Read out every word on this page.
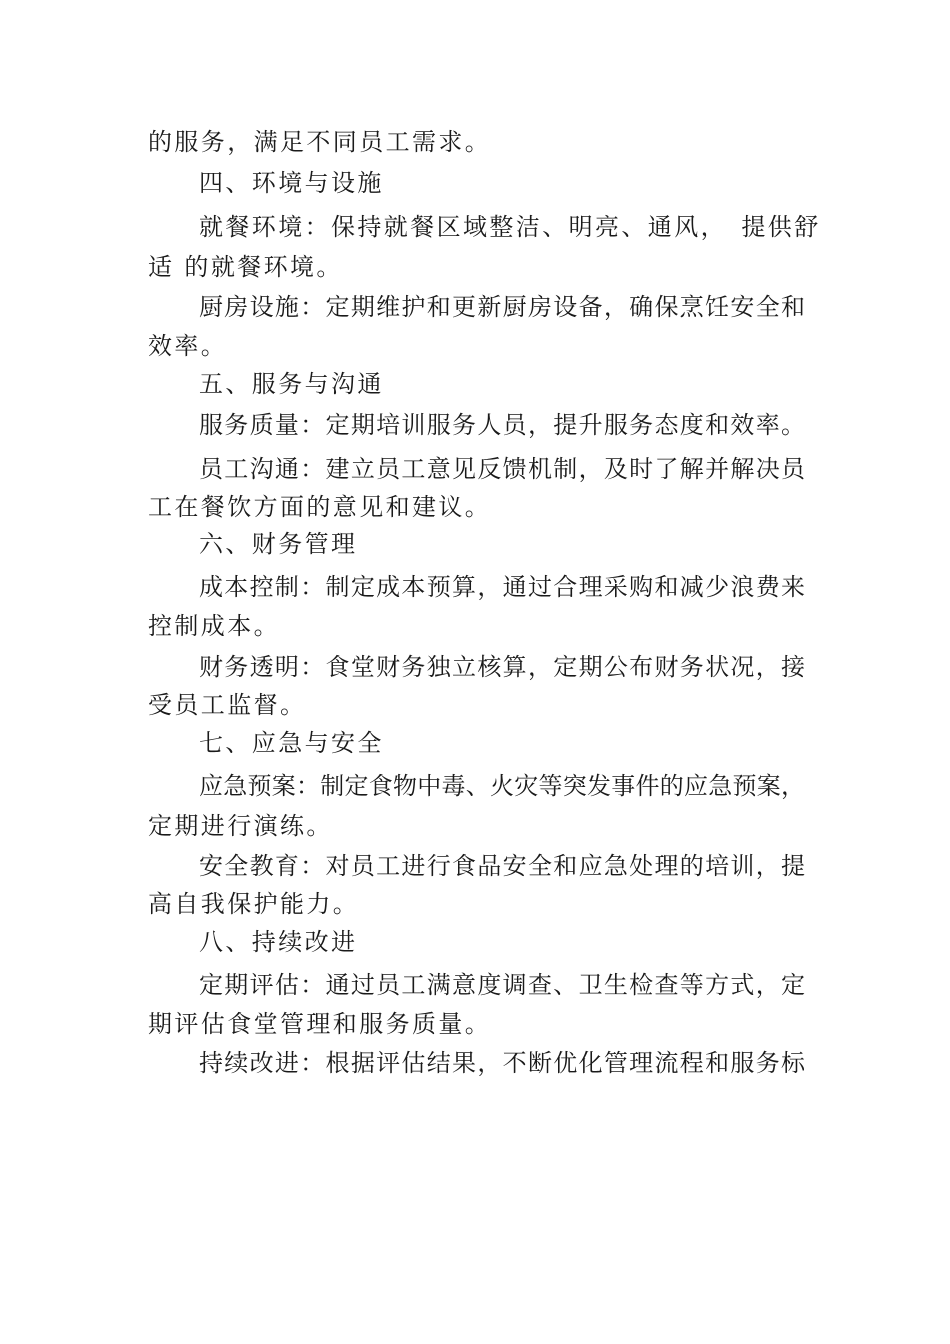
的服务，满足不同员工需求。
四、环境与设施
就餐环境：保持就餐区域整洁、明亮、通风，　提供舒
适 的就餐环境。
厨房设施：定期维护和更新厨房设备，确保烹饪安全和
效率。
五、服务与沟通
服务质量：定期培训服务人员，提升服务态度和效率。
员工沟通：建立员工意见反馈机制，及时了解并解决员
工在餐饮方面的意见和建议。
六、财务管理
成本控制：制定成本预算，通过合理采购和减少浪费来
控制成本。
财务透明：食堂财务独立核算，定期公布财务状况，接
受员工监督。
七、应急与安全
应急预案：制定食物中毒、火灾等突发事件的应急预案，
定期进行演练。
安全教育：对员工进行食品安全和应急处理的培训，提
高自我保护能力。
八、持续改进
定期评估：通过员工满意度调查、卫生检查等方式，定
期评估食堂管理和服务质量。
持续改进：根据评估结果，不断优化管理流程和服务标
